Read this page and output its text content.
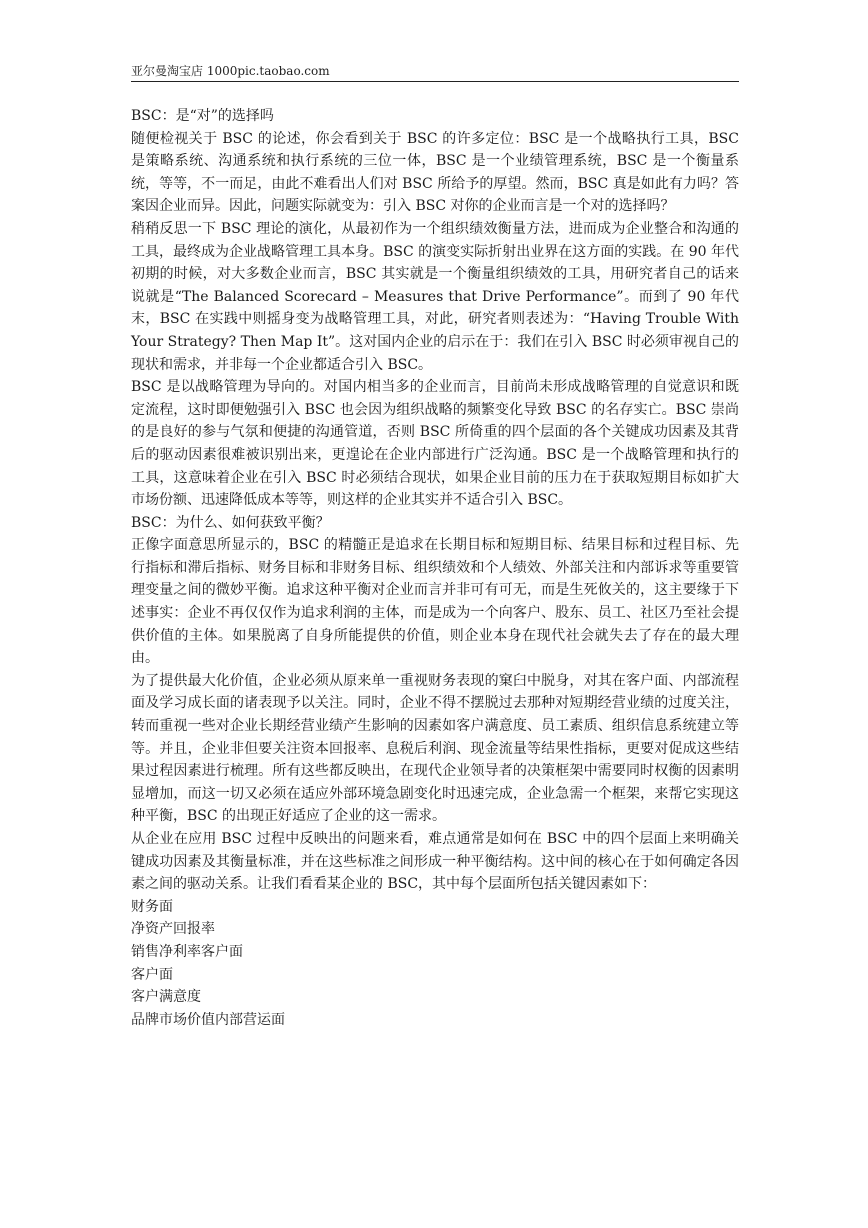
亚尔曼淘宝店 1000pic.taobao.com

BSC：是“对”的选择吗

随便检视关于 BSC 的论述，你会看到关于 BSC 的许多定位：BSC 是一个战略执行工具，BSC 是策略系统、沟通系统和执行系统的三位一体，BSC 是一个业绩管理系统，BSC 是一个衡量系统，等等，不一而足，由此不难看出人们对 BSC 所给予的厚望。然而，BSC 真是如此有力吗？答案因企业而异。因此，问题实际就变为：引入 BSC 对你的企业而言是一个对的选择吗？

稍稍反思一下 BSC 理论的演化，从最初作为一个组织绩效衡量方法，进而成为企业整合和沟通的工具，最终成为企业战略管理工具本身。BSC 的演变实际折射出业界在这方面的实践。在 90 年代初期的时候，对大多数企业而言，BSC 其实就是一个衡量组织绩效的工具，用研究者自己的话来说就是“The Balanced Scorecard – Measures that Drive Performance”。而到了 90 年代末，BSC 在实践中则摇身变为战略管理工具，对此，研究者则表述为：“Having Trouble With Your Strategy? Then Map It”。这对国内企业的启示在于：我们在引入 BSC 时必须审视自己的现状和需求，并非每一个企业都适合引入 BSC。

BSC 是以战略管理为导向的。对国内相当多的企业而言，目前尚未形成战略管理的自觉意识和既定流程，这时即便勉强引入 BSC 也会因为组织战略的频繁变化导致 BSC 的名存实亡。BSC 崇尚的是良好的参与气氛和便捷的沟通管道，否则 BSC 所倚重的四个层面的各个关键成功因素及其背后的驱动因素很难被识别出来，更遑论在企业内部进行广泛沟通。BSC 是一个战略管理和执行的工具，这意味着企业在引入 BSC 时必须结合现状，如果企业目前的压力在于获取短期目标如扩大市场份额、迅速降低成本等等，则这样的企业其实并不适合引入 BSC。

BSC：为什么、如何获致平衡？

正像字面意思所显示的，BSC 的精髓正是追求在长期目标和短期目标、结果目标和过程目标、先行指标和滞后指标、财务目标和非财务目标、组织绩效和个人绩效、外部关注和内部诉求等重要管理变量之间的微妙平衡。追求这种平衡对企业而言并非可有可无，而是生死攸关的，这主要缘于下述事实：企业不再仅仅作为追求利润的主体，而是成为一个向客户、股东、员工、社区乃至社会提供价值的主体。如果脱离了自身所能提供的价值，则企业本身在现代社会就失去了存在的最大理由。

为了提供最大化价值，企业必须从原来单一重视财务表现的窠臼中脱身，对其在客户面、内部流程面及学习成长面的诸表现予以关注。同时，企业不得不摆脱过去那种对短期经营业绩的过度关注，转而重视一些对企业长期经营业绩产生影响的因素如客户满意度、员工素质、组织信息系统建立等等。并且，企业非但要关注资本回报率、息税后利润、现金流量等结果性指标，更要对促成这些结果过程因素进行梳理。所有这些都反映出，在现代企业领导者的决策框架中需要同时权衡的因素明显增加，而这一切又必须在适应外部环境急剧变化时迅速完成，企业急需一个框架，来帮它实现这种平衡，BSC 的出现正好适应了企业的这一需求。

从企业在应用 BSC 过程中反映出的问题来看，难点通常是如何在 BSC 中的四个层面上来明确关键成功因素及其衡量标准，并在这些标准之间形成一种平衡结构。这中间的核心在于如何确定各因素之间的驱动关系。让我们看看某企业的 BSC，其中每个层面所包括关键因素如下：

财务面

净资产回报率

销售净利率客户面

客户面

客户满意度

品牌市场价值内部营运面
